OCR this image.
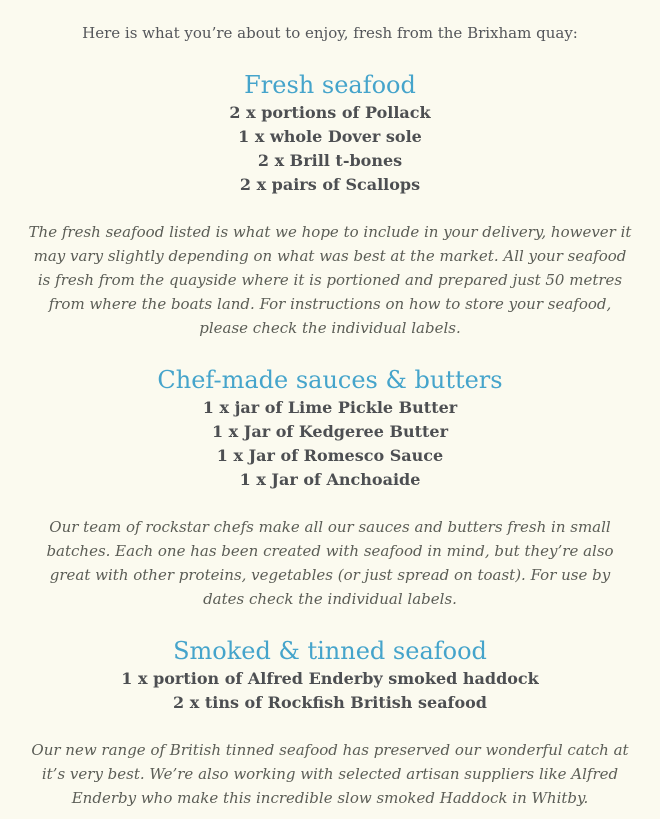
Here is what you’re about to enjoy, fresh from the Brixham quay:

Fresh seafood
2 x portions of Pollack
1 x whole Dover sole
2 x Brill t-bones
2 x pairs of Scallops
The fresh seafood listed is what we hope to include in your delivery, however it
may vary slightly depending on what was best at the market. All your seafood
is fresh from the quayside where it is portioned and prepared just 50 metres
from where the boats land. For instructions on how to store your seafood,
please check the individual labels.
Chef-made sauces & butters
1 x jar of Lime Pickle Butter
1 x Jar of Kedgeree Butter
1 x Jar of Romesco Sauce
1 x Jar of Anchoaide
Our team of rockstar chefs make all our sauces and butters fresh in small
batches. Each one has been created with seafood in mind, but they’re also
great with other proteins, vegetables (or just spread on toast). For use by
dates check the individual labels.
Smoked & tinned seafood
1 x portion of Alfred Enderby smoked haddock
2 x tins of Rockfish British seafood
Our new range of British tinned seafood has preserved our wonderful catch at
it’s very best. We’re also working with selected artisan suppliers like Alfred
Enderby who make this incredible slow smoked Haddock in Whitby.
